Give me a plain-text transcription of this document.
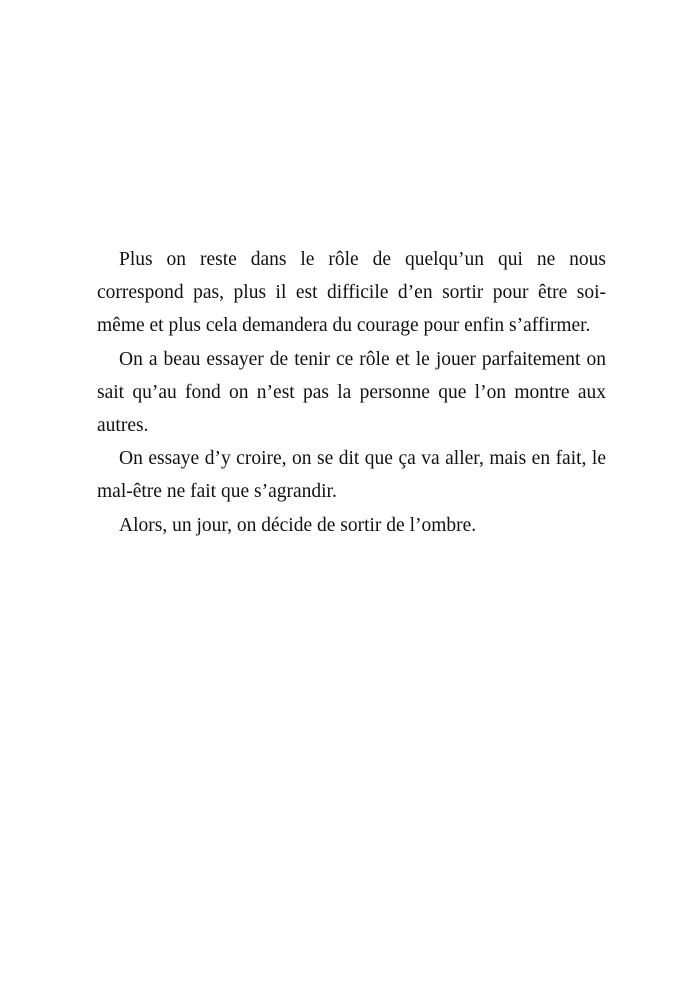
Plus on reste dans le rôle de quelqu’un qui ne nous correspond pas, plus il est difficile d’en sortir pour être soi-même et plus cela demandera du courage pour enfin s’affirmer.

On a beau essayer de tenir ce rôle et le jouer parfaitement on sait qu’au fond on n’est pas la personne que l’on montre aux autres.

On essaye d’y croire, on se dit que ça va aller, mais en fait, le mal-être ne fait que s’agrandir.

Alors, un jour, on décide de sortir de l’ombre.
